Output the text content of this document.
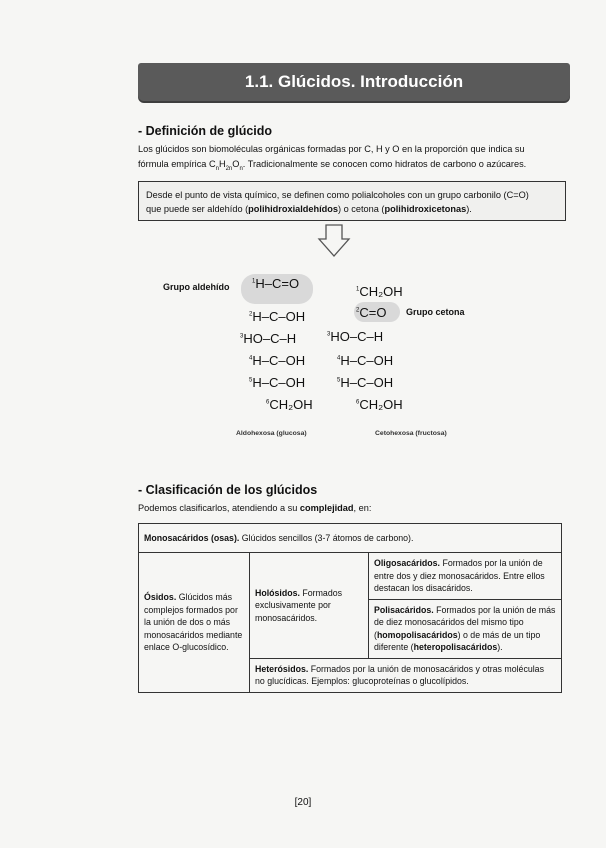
1.1. Glúcidos. Introducción
- Definición de glúcido
Los glúcidos son biomoléculas orgánicas formadas por C, H y O en la proporción que indica su
fórmula empírica $C_nH_{2n}O_n$. Tradicionalmente se conocen como hidratos de carbono o azúcares.
Desde el punto de vista químico, se definen como polialcoholes con un grupo carbonilo (C=O)
que puede ser aldehído (polihidroxialdehídos) o cetona (polihidroxicetonas).
Grupo aldehído
Grupo cetona
$^1$H–C=O
$^2$H–C–OH
$^3$HO–C–H
$^4$H–C–OH
$^5$H–C–OH
$^6$CH₂OH
Aldohexosa (glucosa)
$^1$CH₂OH
$^2$C=O
$^3$HO–C–H
$^4$H–C–OH
$^5$H–C–OH
$^6$CH₂OH
Cetohexosa (fructosa)
- Clasificación de los glúcidos
Podemos clasificarlos, atendiendo a su complejidad, en:
Monosacáridos (osas). Glúcidos sencillos (3-7 átomos de carbono).
Ósidos. Glúcidos más complejos formados por la unión de dos o más monosacáridos mediante enlace O-glucosídico.	Holósidos. Formados exclusivamente por monosacáridos.	Oligosacáridos. Formados por la unión de entre dos y diez monosacáridos. Entre ellos destacan los disacáridos.
Polisacáridos. Formados por la unión de más de diez monosacáridos del mismo tipo (homopolisacáridos) o de más de un tipo diferente (heteropolisacáridos).
Heterósidos. Formados por la unión de monosacáridos y otras moléculas no glucídicas. Ejemplos: glucoproteínas o glucolípidos.
[20]
